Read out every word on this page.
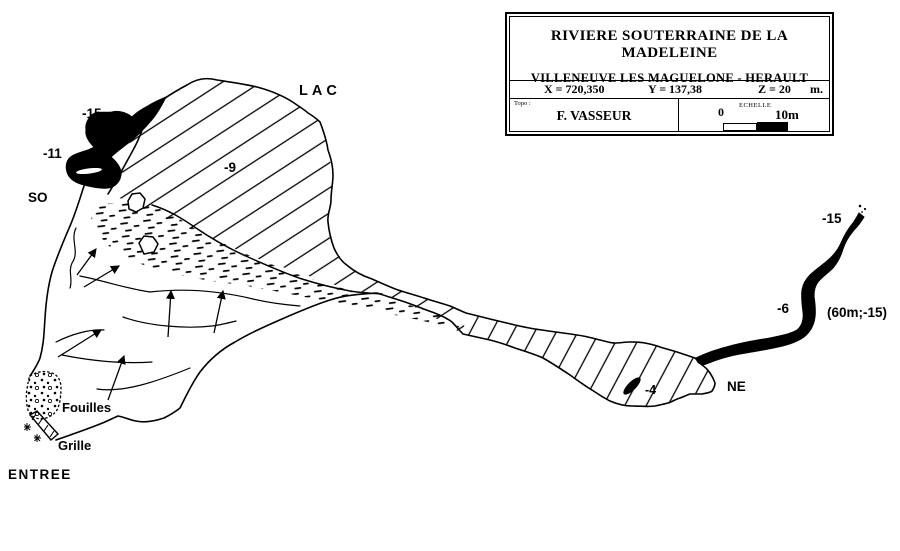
LAC
-9
-15
-11
SO
-15
-6	(60m;-15)
NE
-4
Fouilles
Grille
ENTREE
RIVIERE SOUTERRAINE DE LA MADELEINE
VILLENEUVE LES MAGUELONE - HERAULT
X = 720,350	Y = 137,38	Z = 20 m.
Topo :
F. VASSEUR
ECHELLE
0	10m
